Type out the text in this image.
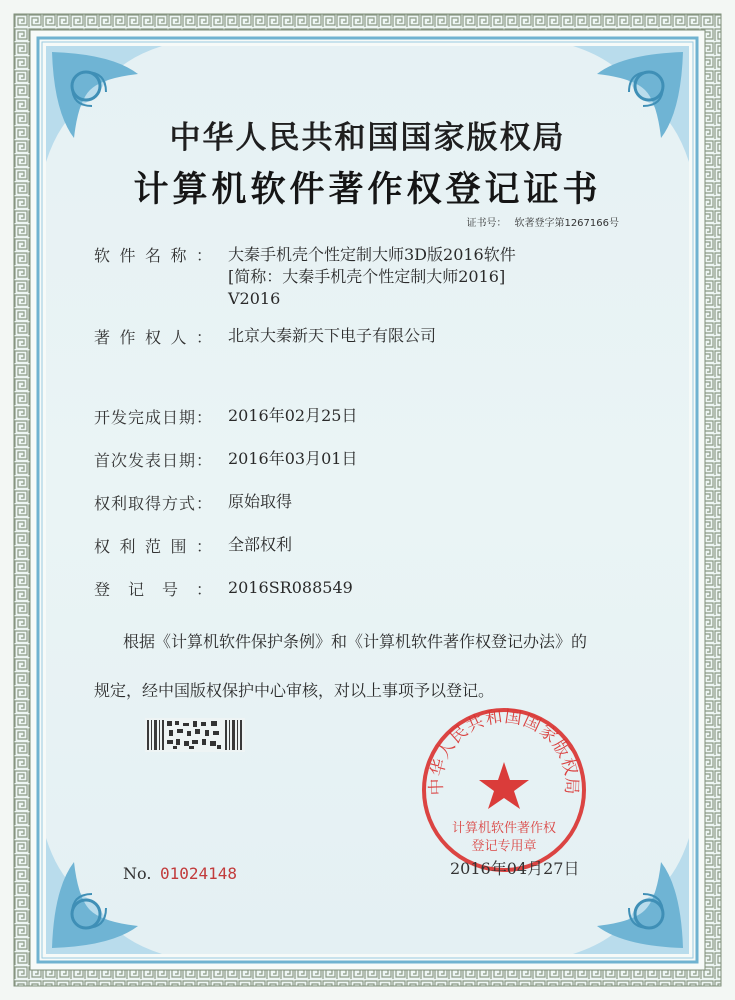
中华人民共和国国家版权局
计算机软件著作权登记证书
证书号： 软著登字第1267166号
软件名称： 大秦手机壳个性定制大师3D版2016软件
[简称：大秦手机壳个性定制大师2016]
V2016
著作权人： 北京大秦新天下电子有限公司
开发完成日期： 2016年02月25日
首次发表日期： 2016年03月01日
权利取得方式： 原始取得
权利范围： 全部权利
登记号： 2016SR088549
根据《计算机软件保护条例》和《计算机软件著作权登记办法》的
规定，经中国版权保护中心审核，对以上事项予以登记。
中华人民共和国国家版权局
计算机软件著作权
登记专用章
No. 01024148	2016年04月27日
